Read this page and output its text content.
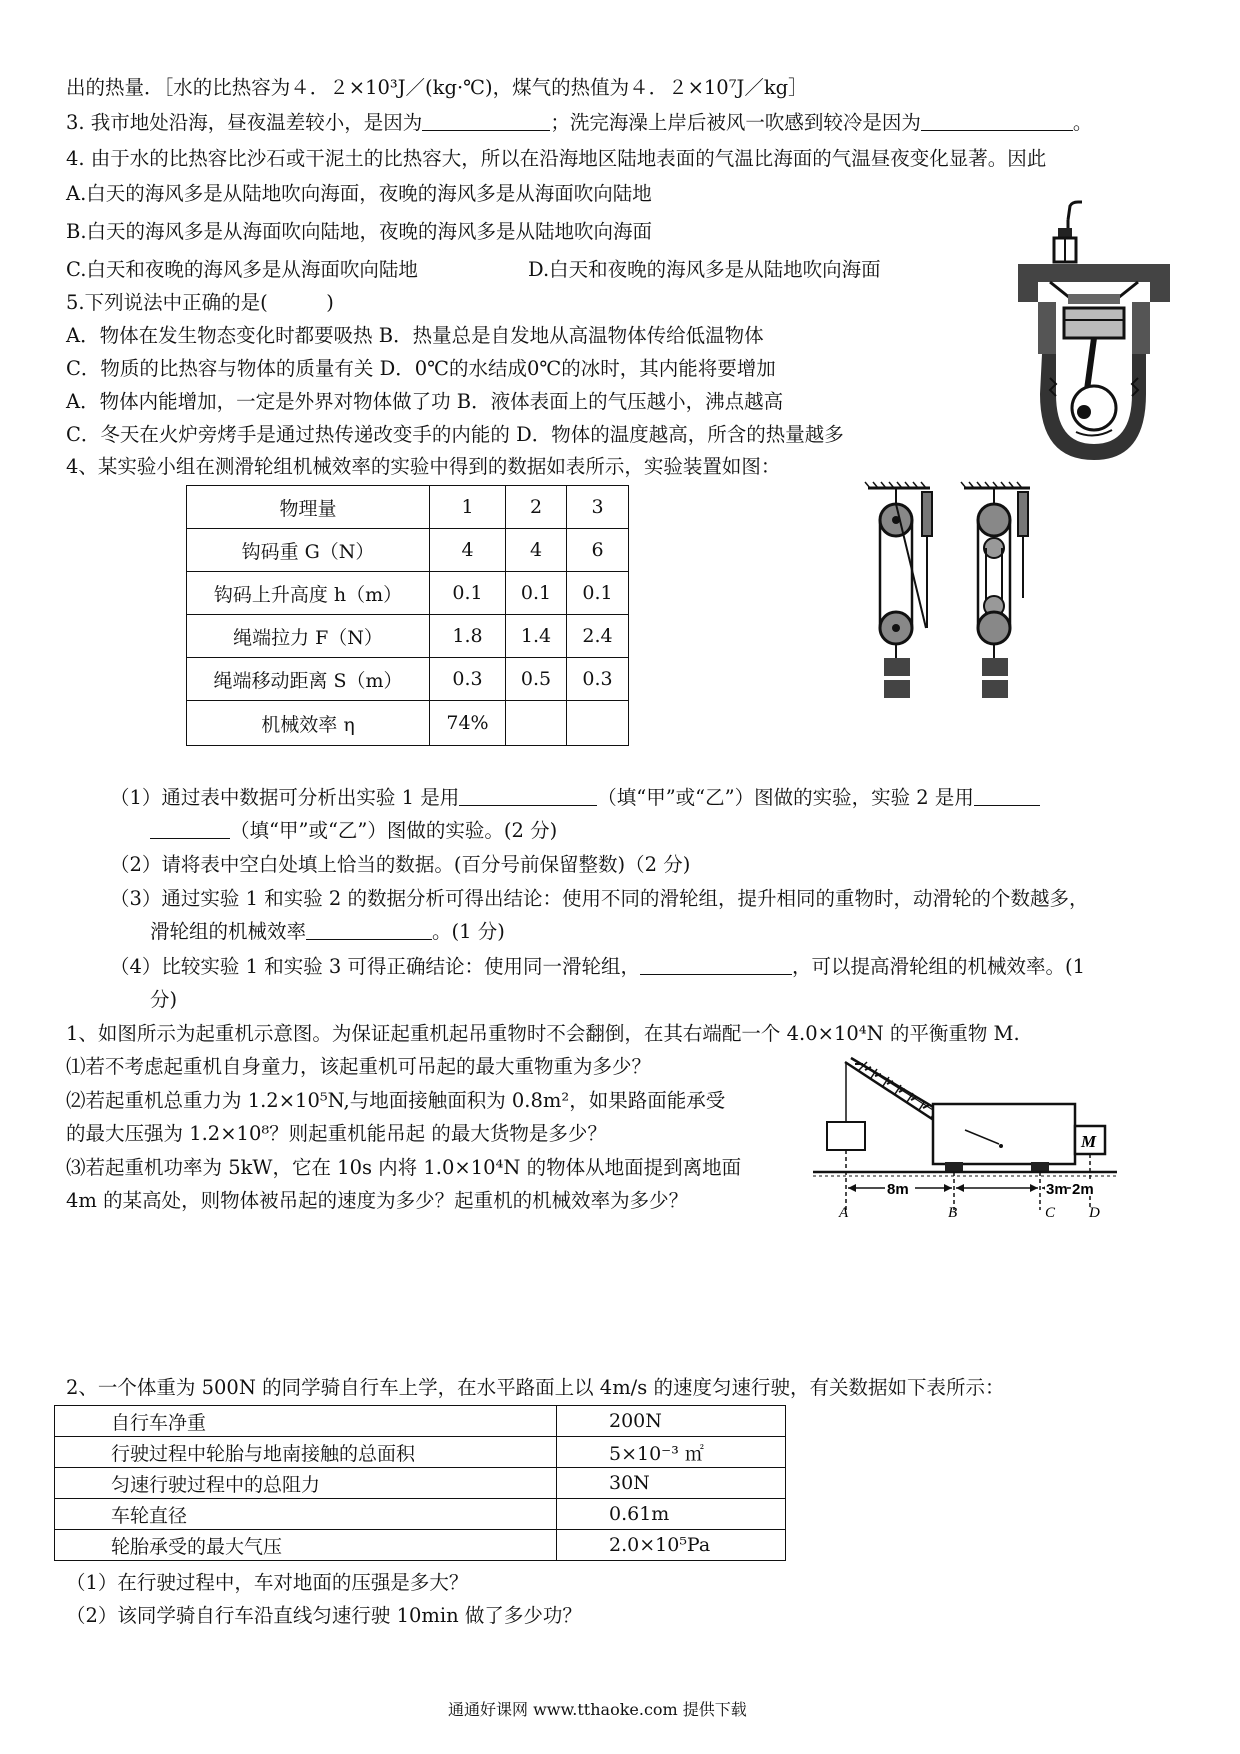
出的热量．［水的比热容为４．２×10³J／(kg·℃)，煤气的热值为４．２×10⁷J／kg］
3. 我市地处沿海，昼夜温差较小，是因为	；洗完海澡上岸后被风一吹感到较冷是因为	。
4. 由于水的比热容比沙石或干泥土的比热容大，所以在沿海地区陆地表面的气温比海面的气温昼夜变化显著。因此
A.白天的海风多是从陆地吹向海面，夜晚的海风多是从海面吹向陆地
B.白天的海风多是从海面吹向陆地，夜晚的海风多是从陆地吹向海面
C.白天和夜晚的海风多是从海面吹向陆地	D.白天和夜晚的海风多是从陆地吹向海面
5.下列说法中正确的是(　　　)
A．物体在发生物态变化时都要吸热 B．热量总是自发地从高温物体传给低温物体
C．物质的比热容与物体的质量有关 D．0℃的水结成0℃的冰时，其内能将要增加
A．物体内能增加，一定是外界对物体做了功 B．液体表面上的气压越小，沸点越高
C．冬天在火炉旁烤手是通过热传递改变手的内能的 D．物体的温度越高，所含的热量越多
4、某实验小组在测滑轮组机械效率的实验中得到的数据如表所示，实验装置如图：
物理量	1	2	3
钩码重 G（N）	4	4	6
钩码上升高度 h（m）	0.1	0.1	0.1
绳端拉力 F（N）	1.8	1.4	2.4
绳端移动距离 S（m）	0.3	0.5	0.3
机械效率 η	74%		
（1）通过表中数据可分析出实验 1 是用	（填“甲”或“乙”）图做的实验，实验 2 是用
（填“甲”或“乙”）图做的实验。(2 分)
（2）请将表中空白处填上恰当的数据。(百分号前保留整数)（2 分)
（3）通过实验 1 和实验 2 的数据分析可得出结论：使用不同的滑轮组，提升相同的重物时，动滑轮的个数越多，
滑轮组的机械效率	。(1 分)
（4）比较实验 1 和实验 3 可得正确结论：使用同一滑轮组，	，可以提高滑轮组的机械效率。(1
分)
1、如图所示为起重机示意图。为保证起重机起吊重物时不会翻倒，在其右端配一个 4.0×10⁴N 的平衡重物 M.
⑴若不考虑起重机自身童力，该起重机可吊起的最大重物重为多少？
⑵若起重机总重力为 1.2×10⁵N,与地面接触面积为 0.8m²，如果路面能承受
的最大压强为 1.2×10⁸？则起重机能吊起 的最大货物是多少？
⑶若起重机功率为 5kW，它在 10s 内将 1.0×10⁴N 的物体从地面提到离地面
4m 的某高处，则物体被吊起的速度为多少？起重机的机械效率为多少？
M
8m	3m 2m
A	B	C D
2、一个体重为 500N 的同学骑自行车上学，在水平路面上以 4m/s 的速度匀速行驶，有关数据如下表所示：
自行车净重	200N
行驶过程中轮胎与地南接触的总面积	5×10⁻³ ㎡
匀速行驶过程中的总阻力	30N
车轮直径	0.61m
轮胎承受的最大气压	2.0×10⁵Pa
（1）在行驶过程中，车对地面的压强是多大？
（2）该同学骑自行车沿直线匀速行驶 10min 做了多少功？
通通好课网 www.tthaoke.com 提供下载
